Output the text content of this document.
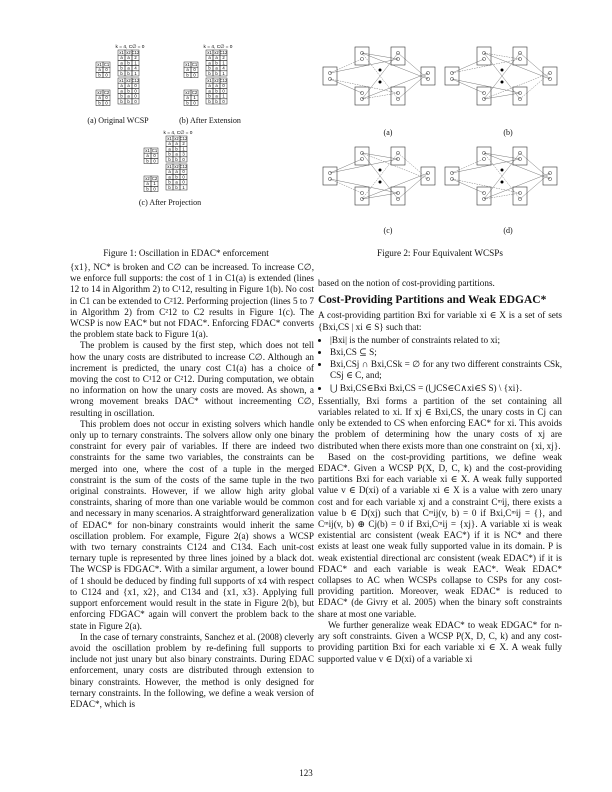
k = 4, C∅ = 0
x1 C1
a 0
b 0
x2 C2
a 0
b 0
x1 x2 C12
a a 2
a b 1
b a 4
b b 1
x1 x2 C12
a a 0
a b 0
b a 0
b b 0
k = 4, C∅ = 0
x1 C1
a 0
b 0
x2 C2
a 1
b 0
x1 x2 C12
a a 2
a b 1
b a 4
b b 1
x1 x2 C12
a a 0
a b 0
b a 1
b b 0
k = 4, C∅ = 0
x1 C1
a 0
b 0
x2 C2
a 1
b 0
x1 x2 C12
a a 2
a b 1
b a 3
b b 0
x1 x2 C12
a a 0
a b 0
b a 0
b b 1
(a) Original WCSP	(b) After Extension
(c) After Projection
Figure 1: Oscillation in EDAC* enforcement
(a)	(b)
(c)	(d)
Figure 2: Four Equivalent WCSPs

{x1}, NC* is broken and C∅ can be increased. To increase C∅, we enforce full supports: the cost of 1 in C1(a) is extended (lines 12 to 14 in Algorithm 2) to C¹12, resulting in Figure 1(b). No cost in C1 can be extended to C²12. Performing projection (lines 5 to 7 in Algorithm 2) from C²12 to C2 results in Figure 1(c). The WCSP is now EAC* but not FDAC*. Enforcing FDAC* converts the problem state back to Figure 1(a).

The problem is caused by the first step, which does not tell how the unary costs are distributed to increase C∅. Although an increment is predicted, the unary cost C1(a) has a choice of moving the cost to C¹12 or C²12. During computation, we obtain no information on how the unary costs are moved. As shown, a wrong movement breaks DAC* without increementing C∅, resulting in oscillation.

This problem does not occur in existing solvers which handle only up to ternary constraints. The solvers allow only one binary constraint for every pair of variables. If there are indeed two constraints for the same two variables, the constraints can be merged into one, where the cost of a tuple in the merged constraint is the sum of the costs of the same tuple in the two original constraints. However, if we allow high arity global constraints, sharing of more than one variable would be common and necessary in many scenarios. A straightforward generalization of EDAC* for non-binary constraints would inherit the same oscillation problem. For example, Figure 2(a) shows a WCSP with two ternary constraints C124 and C134. Each unit-cost ternary tuple is represented by three lines joined by a black dot. The WCSP is FDGAC*. With a similar argument, a lower bound of 1 should be deduced by finding full supports of x4 with respect to C124 and {x1, x2}, and C134 and {x1, x3}. Applying full support enforcement would result in the state in Figure 2(b), but enforcing FDGAC* again will convert the problem back to the state in Figure 2(a).

In the case of ternary constraints, Sanchez et al. (2008) cleverly avoid the oscillation problem by re-defining full supports to include not just unary but also binary constraints. During EDAC enforcement, unary costs are distributed through extension to binary constraints. However, the method is only designed for ternary constraints. In the following, we define a weak version of EDAC*, which is

based on the notion of cost-providing partitions.

Cost-Providing Partitions and Weak EDGAC*

A cost-providing partition Bxi for variable xi ∈ X is a set of sets {Bxi,CS | xi ∈ S} such that:

• |Bxi| is the number of constraints related to xi;
• Bxi,CS ⊆ S;
• Bxi,CSj ∩ Bxi,CSk = ∅ for any two different constraints CSk, CSj ∈ C, and;
• ⋃ Bxi,CS∈Bxi Bxi,CS = (⋃CS∈C∧xi∈S S) \ {xi}.

Essentially, Bxi forms a partition of the set containing all variables related to xi. If xj ∈ Bxi,CS, the unary costs in Cj can only be extended to CS when enforcing EAC* for xi. This avoids the problem of determining how the unary costs of xj are distributed when there exists more than one constraint on {xi, xj}.

Based on the cost-providing partitions, we define weak EDAC*. Given a WCSP P(X, D, C, k) and the cost-providing partitions Bxi for each variable xi ∈ X. A weak fully supported value v ∈ D(xi) of a variable xi ∈ X is a value with zero unary cost and for each variable xj and a constraint Cᵐij, there exists a value b ∈ D(xj) such that Cᵐij(v, b) = 0 if Bxi,Cᵐij = {}, and Cᵐij(v, b) ⊕ Cj(b) = 0 if Bxi,Cᵐij = {xj}. A variable xi is weak existential arc consistent (weak EAC*) if it is NC* and there exists at least one weak fully supported value in its domain. P is weak existential directional arc consistent (weak EDAC*) if it is FDAC* and each variable is weak EAC*. Weak EDAC* collapses to AC when WCSPs collapse to CSPs for any cost-providing partition. Moreover, weak EDAC* is reduced to EDAC* (de Givry et al. 2005) when the binary soft constraints share at most one variable.

We further generalize weak EDAC* to weak EDGAC* for n-ary soft constraints. Given a WCSP P(X, D, C, k) and any cost-providing partition Bxi for each variable xi ∈ X. A weak fully supported value v ∈ D(xi) of a variable xi

123
